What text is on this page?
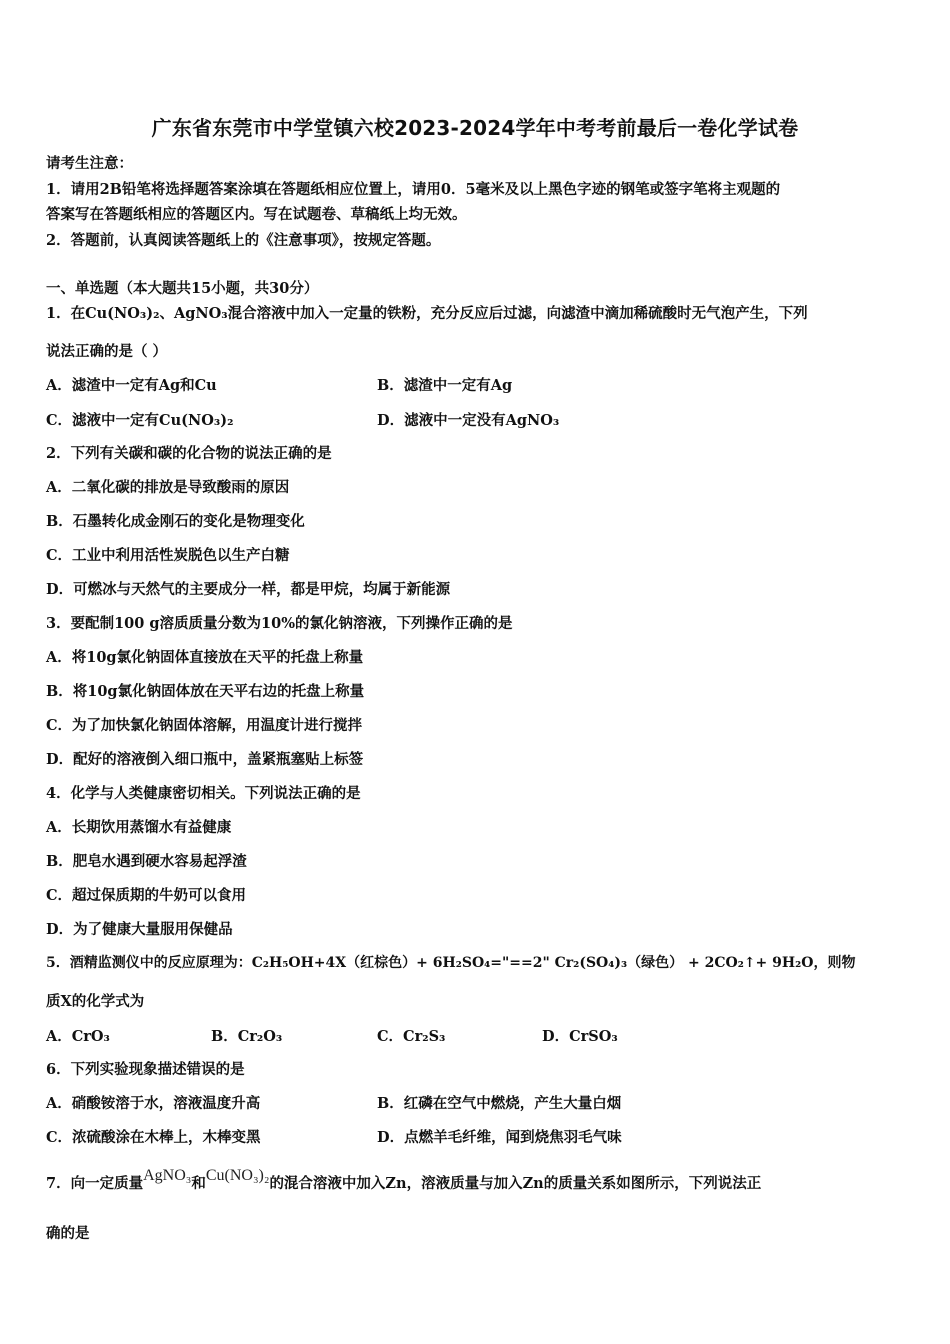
广东省东莞市中学堂镇六校2023-2024学年中考考前最后一卷化学试卷
请考生注意：
1．请用2B铅笔将选择题答案涂填在答题纸相应位置上，请用0．5毫米及以上黑色字迹的钢笔或签字笔将主观题的
答案写在答题纸相应的答题区内。写在试题卷、草稿纸上均无效。
2．答题前，认真阅读答题纸上的《注意事项》，按规定答题。
一、单选题（本大题共15小题，共30分）
1．在Cu(NO₃)₂、AgNO₃混合溶液中加入一定量的铁粉，充分反应后过滤，向滤渣中滴加稀硫酸时无气泡产生，下列
说法正确的是（ ）
A．滤渣中一定有Ag和Cu	B．滤渣中一定有Ag
C．滤液中一定有Cu(NO₃)₂	D．滤液中一定没有AgNO₃
2．下列有关碳和碳的化合物的说法正确的是
A．二氧化碳的排放是导致酸雨的原因
B．石墨转化成金刚石的变化是物理变化
C．工业中利用活性炭脱色以生产白糖
D．可燃冰与天然气的主要成分一样，都是甲烷，均属于新能源
3．要配制100 g溶质质量分数为10%的氯化钠溶液，下列操作正确的是
A．将10g氯化钠固体直接放在天平的托盘上称量
B．将10g氯化钠固体放在天平右边的托盘上称量
C．为了加快氯化钠固体溶解，用温度计进行搅拌
D．配好的溶液倒入细口瓶中，盖紧瓶塞贴上标签
4．化学与人类健康密切相关。下列说法正确的是
A．长期饮用蒸馏水有益健康
B．肥皂水遇到硬水容易起浮渣
C．超过保质期的牛奶可以食用
D．为了健康大量服用保健品
5．酒精监测仪中的反应原理为：C₂H₅OH+4X（红棕色）+ 6H₂SO₄="==2" Cr₂(SO₄)₃（绿色） + 2CO₂↑+ 9H₂O，则物
质X的化学式为
A．CrO₃	B．Cr₂O₃	C．Cr₂S₃	D．CrSO₃
6．下列实验现象描述错误的是
A．硝酸铵溶于水，溶液温度升高	B．红磷在空气中燃烧，产生大量白烟
C．浓硫酸涂在木棒上，木棒变黑	D．点燃羊毛纤维，闻到烧焦羽毛气味
7．向一定质量AgNO₃和Cu(NO₃)₂的混合溶液中加入Zn，溶液质量与加入Zn的质量关系如图所示，下列说法正
确的是
